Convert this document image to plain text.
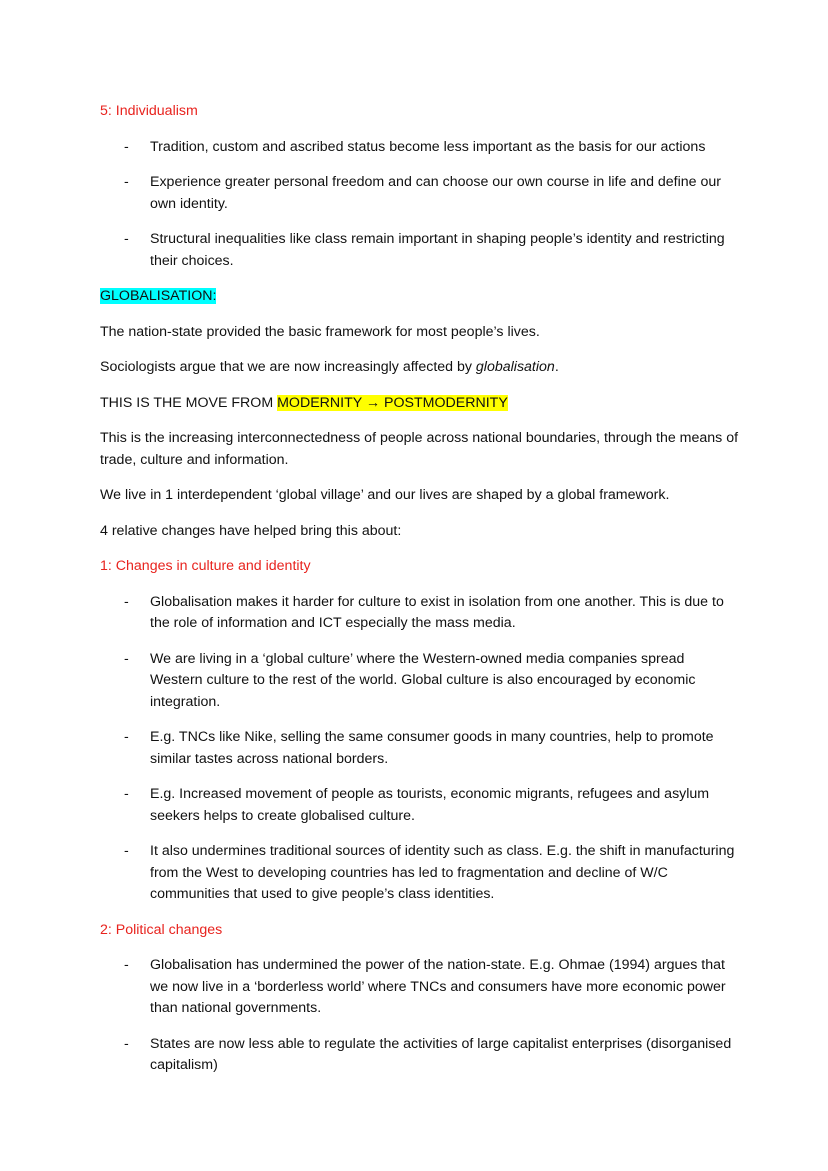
5: Individualism

- Tradition, custom and ascribed status become less important as the basis for our actions
- Experience greater personal freedom and can choose our own course in life and define our own identity.
- Structural inequalities like class remain important in shaping people’s identity and restricting their choices.

GLOBALISATION:

The nation-state provided the basic framework for most people’s lives.

Sociologists argue that we are now increasingly affected by globalisation.

THIS IS THE MOVE FROM MODERNITY → POSTMODERNITY

This is the increasing interconnectedness of people across national boundaries, through the means of trade, culture and information.

We live in 1 interdependent ‘global village’ and our lives are shaped by a global framework.

4 relative changes have helped bring this about:

1: Changes in culture and identity

- Globalisation makes it harder for culture to exist in isolation from one another. This is due to the role of information and ICT especially the mass media.
- We are living in a ‘global culture’ where the Western-owned media companies spread Western culture to the rest of the world. Global culture is also encouraged by economic integration.
- E.g. TNCs like Nike, selling the same consumer goods in many countries, help to promote similar tastes across national borders.
- E.g. Increased movement of people as tourists, economic migrants, refugees and asylum seekers helps to create globalised culture.
- It also undermines traditional sources of identity such as class. E.g. the shift in manufacturing from the West to developing countries has led to fragmentation and decline of W/C communities that used to give people’s class identities.

2: Political changes

- Globalisation has undermined the power of the nation-state. E.g. Ohmae (1994) argues that we now live in a ‘borderless world’ where TNCs and consumers have more economic power than national governments.
- States are now less able to regulate the activities of large capitalist enterprises (disorganised capitalism)
